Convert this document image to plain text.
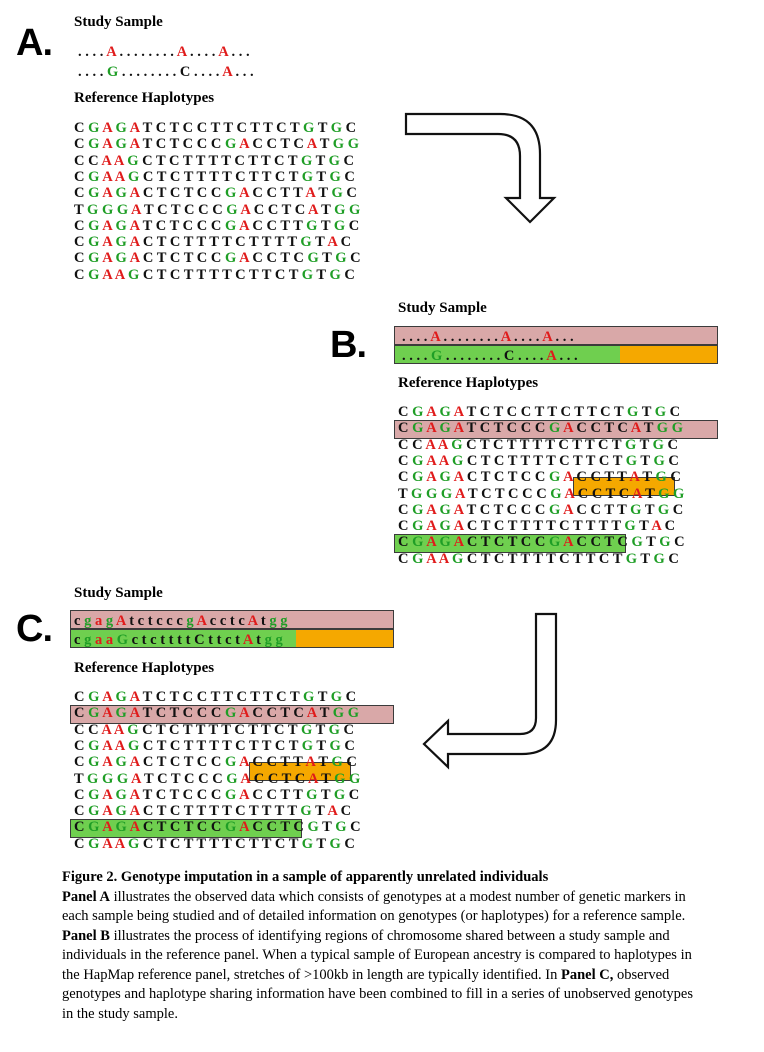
A. Study Sample
. . . . A . . . . . . . . A . . . . A . . .
. . . . G . . . . . . . . C . . . . A . . .
Reference Haplotypes
C G A G A T C T C C T T C T T C T G T G C
C G A G A T C T C C C G A C C T C A T G G
C C A A G C T C T T T T C T T C T G T G C
C G A A G C T C T T T T C T T C T G T G C
C G A G A C T C T C C G A C C T T A T G C
T G G G A T C T C C C G A C C T C A T G G
C G A G A T C T C C C G A C C T T G T G C
C G A G A C T C T T T T C T T T T G T A C
C G A G A C T C T C C G A C C T C G T G C
C G A A G C T C T T T T C T T C T G T G C
B.
Study Sample
. . . . A . . . . . . . . A . . . . A . . .
. . . . G . . . . . . . . C . . . . A . . .
Reference Haplotypes
C G A G A T C T C C T T C T T C T G T G C
C G A G A T C T C C C G A C C T C A T G G
C C A A G C T C T T T T C T T C T G T G C
C G A A G C T C T T T T C T T C T G T G C
C G A G A C T C T C C G A C C T T A T G C
T G G G A T C T C C C G A C C T C A T G G
C G A G A T C T C C C G A C C T T G T G C
C G A G A C T C T T T T C T T T T G T A C
C G A G A C T C T C C G A C C T C G T G C
C G A A G C T C T T T T C T T C T G T G C
C.
Study Sample
c g a g A t c t c c c g A c c t c A t g g
c g a a G c t c t t t t C t t c t A t g g
Reference Haplotypes
C G A G A T C T C C T T C T T C T G T G C
C G A G A T C T C C C G A C C T C A T G G
C C A A G C T C T T T T C T T C T G T G C
C G A A G C T C T T T T C T T C T G T G C
C G A G A C T C T C C G A C C T T A T G C
T G G G A T C T C C C G A C C T C A T G G
C G A G A T C T C C C G A C C T T G T G C
C G A G A C T C T T T T C T T T T G T A C
C G A G A C T C T C C G A C C T C G T G C
C G A A G C T C T T T T C T T C T G T G C
Figure 2. Genotype imputation in a sample of apparently unrelated individuals
Panel A illustrates the observed data which consists of genotypes at a modest number of genetic markers in each sample being studied and of detailed information on genotypes (or haplotypes) for a reference sample. Panel B illustrates the process of identifying regions of chromosome shared between a study sample and individuals in the reference panel. When a typical sample of European ancestry is compared to haplotypes in the HapMap reference panel, stretches of >100kb in length are typically identified. In Panel C, observed genotypes and haplotype sharing information have been combined to fill in a series of unobserved genotypes in the study sample.
